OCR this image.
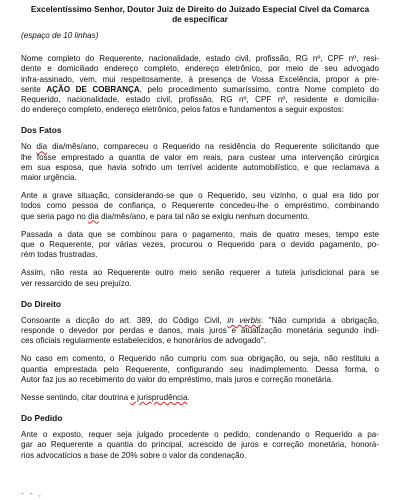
Excelentíssimo Senhor, Doutor Juiz de Direito do Juizado Especial Cível da Comarca
de especificar
(espaço de 10 linhas)

Nome completo do Requerente, nacionalidade, estado civil, profissão, RG nº, CPF nº, resi-
dente e domiciliado endereço completo, endereço eletrônico, por meio de seu advogado
infra-assinado, vem, mui respeitosamente, à presença de Vossa Excelência, propor a pre-
sente AÇÃO DE COBRANÇA, pelo procedimento sumaríssimo, contra Nome completo do
Requerido, nacionalidade, estado civil, profissão, RG nº, CPF nº, residente e domicilia-
do endereço completo, endereço eletrônico, pelos fatos e fundamentos a seguir expostos:

Dos Fatos

No dia dia/mês/ano, compareceu o Requerido na residência do Requerente solicitando que
lhe fosse emprestado a quantia de valor em reais, para custear uma intervenção cirúrgica
em sua esposa, que havia sofrido um terrível acidente automobilístico, e que reclamava a
maior urgência.

Ante a grave situação, considerando-se que o Requerido, seu vizinho, o qual era tido por
todos como pessoa de confiança, o Requerente concedeu-lhe o empréstimo, combinando
que seria pago no dia dia/mês/ano, e para tal não se exigiu nenhum documento.

Passada a data que se combinou para o pagamento, mais de quatro meses, tempo este
que o Requerente, por várias vezes, procurou o Requerido para o devido pagamento, po-
rém todas frustradas.

Assim, não resta ao Requerente outro meio senão requerer a tutela jurisdicional para se
ver ressarcido de seu prejuízo.

Do Direito

Consoante a dicção do art. 389, do Código Civil, in verbis: "Não cumprida a obrigação,
responde o devedor por perdas e danos, mais juros e atualização monetária segundo índi-
ces oficiais regularmente estabelecidos, e honorários de advogado".

No caso em comento, o Requerido não cumpriu com sua obrigação, ou seja, não restituiu a
quantia emprestada pelo Requerente, configurando seu inadimplemento. Dessa forma, o
Autor faz jus ao recebimento do valor do empréstimo, mais juros e correção monetária.

Nesse sentindo, citar doutrina e jurisprudência.

Do Pedido

Ante o exposto, requer seja julgado procedente o pedido, condenando o Requerido a pa-
gar ao Requerente a quantia do principal, acrescido de juros e correção monetária, honorá-
rios advocatícios a base de 20% sobre o valor da condenação.

- - ,
